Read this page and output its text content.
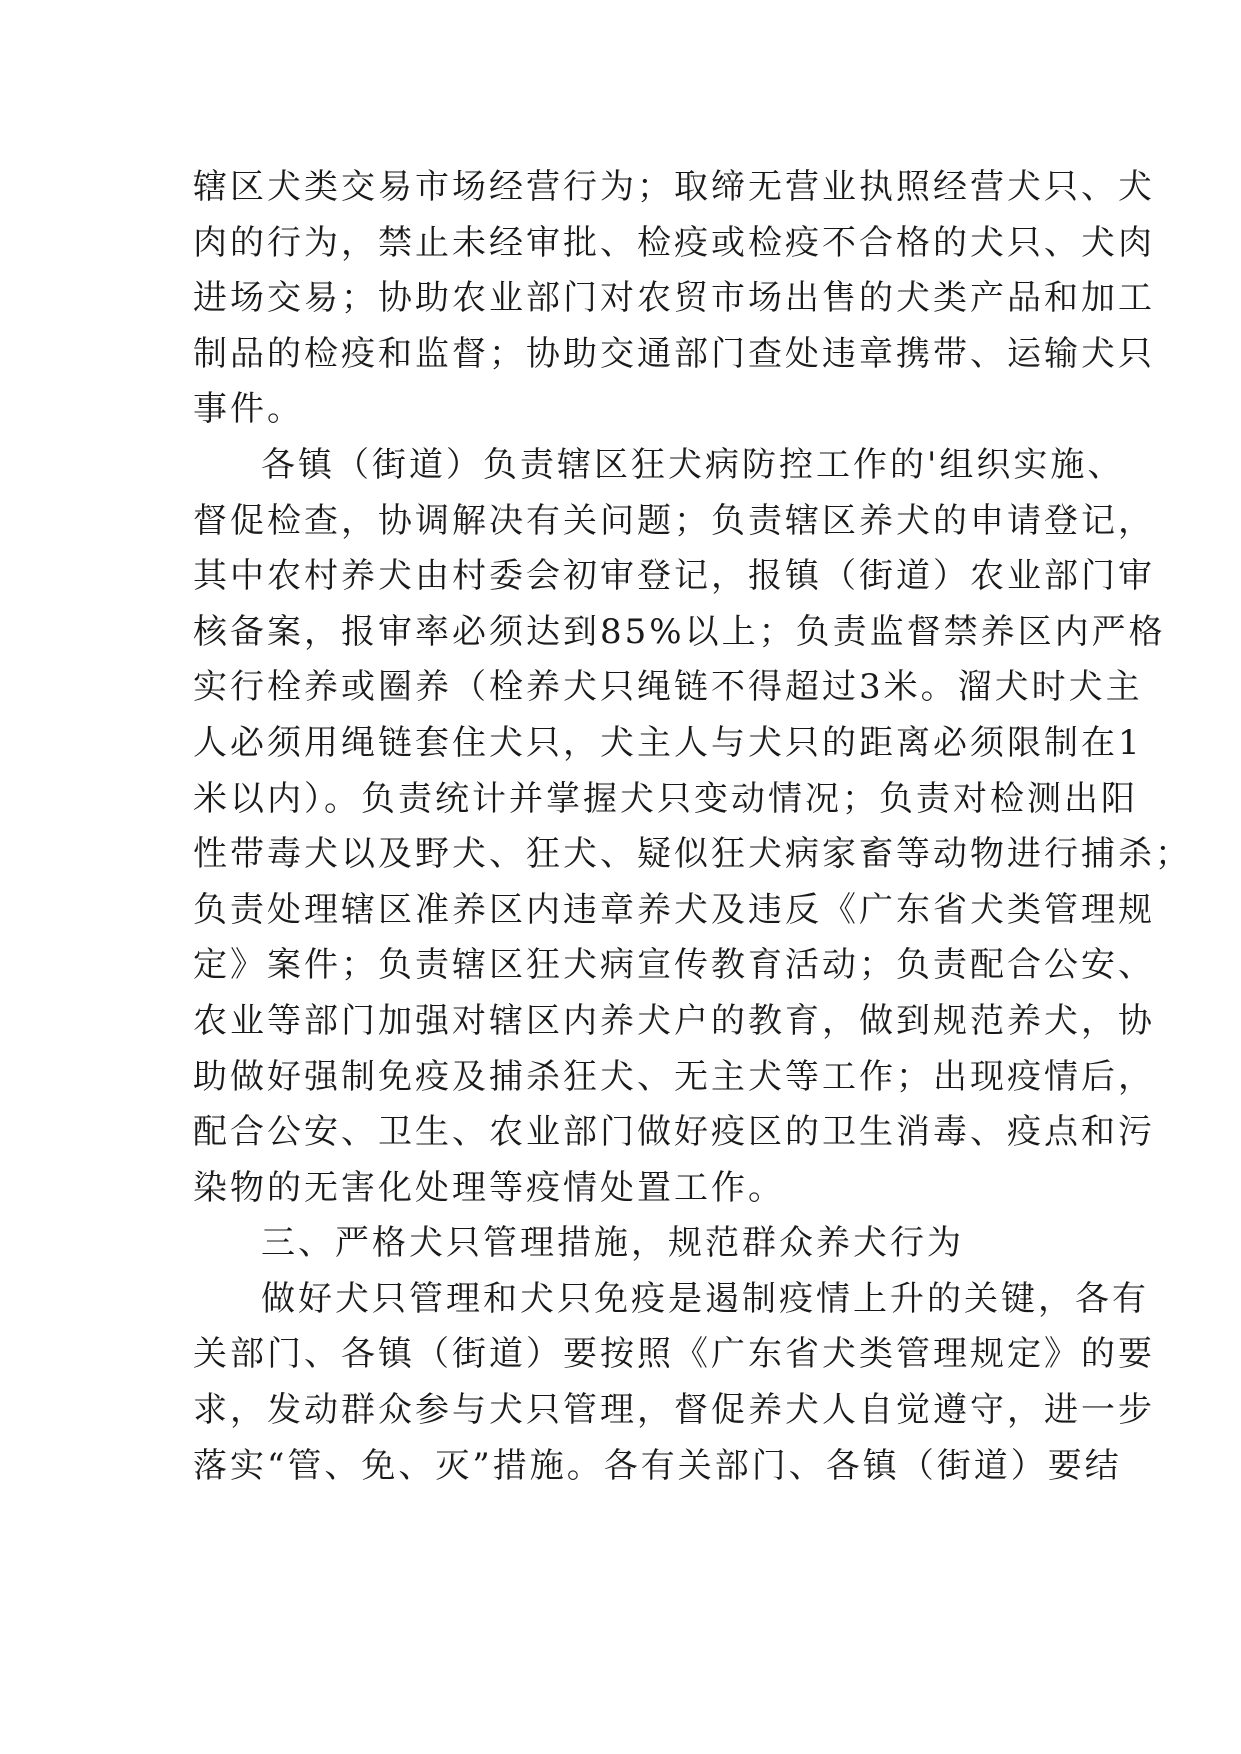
辖区犬类交易市场经营行为；取缔无营业执照经营犬只、犬
肉的行为，禁止未经审批、检疫或检疫不合格的犬只、犬肉
进场交易；协助农业部门对农贸市场出售的犬类产品和加工
制品的检疫和监督；协助交通部门查处违章携带、运输犬只
事件。
各镇（街道）负责辖区狂犬病防控工作的'组织实施、
督促检查，协调解决有关问题；负责辖区养犬的申请登记，
其中农村养犬由村委会初审登记，报镇（街道）农业部门审
核备案，报审率必须达到85%以上；负责监督禁养区内严格
实行栓养或圈养（栓养犬只绳链不得超过3米。溜犬时犬主
人必须用绳链套住犬只，犬主人与犬只的距离必须限制在1
米以内）。负责统计并掌握犬只变动情况；负责对检测出阳
性带毒犬以及野犬、狂犬、疑似狂犬病家畜等动物进行捕杀；
负责处理辖区准养区内违章养犬及违反《广东省犬类管理规
定》案件；负责辖区狂犬病宣传教育活动；负责配合公安、
农业等部门加强对辖区内养犬户的教育，做到规范养犬，协
助做好强制免疫及捕杀狂犬、无主犬等工作；出现疫情后，
配合公安、卫生、农业部门做好疫区的卫生消毒、疫点和污
染物的无害化处理等疫情处置工作。
三、严格犬只管理措施，规范群众养犬行为
做好犬只管理和犬只免疫是遏制疫情上升的关键，各有
关部门、各镇（街道）要按照《广东省犬类管理规定》的要
求，发动群众参与犬只管理，督促养犬人自觉遵守，进一步
落实“管、免、灭”措施。各有关部门、各镇（街道）要结
